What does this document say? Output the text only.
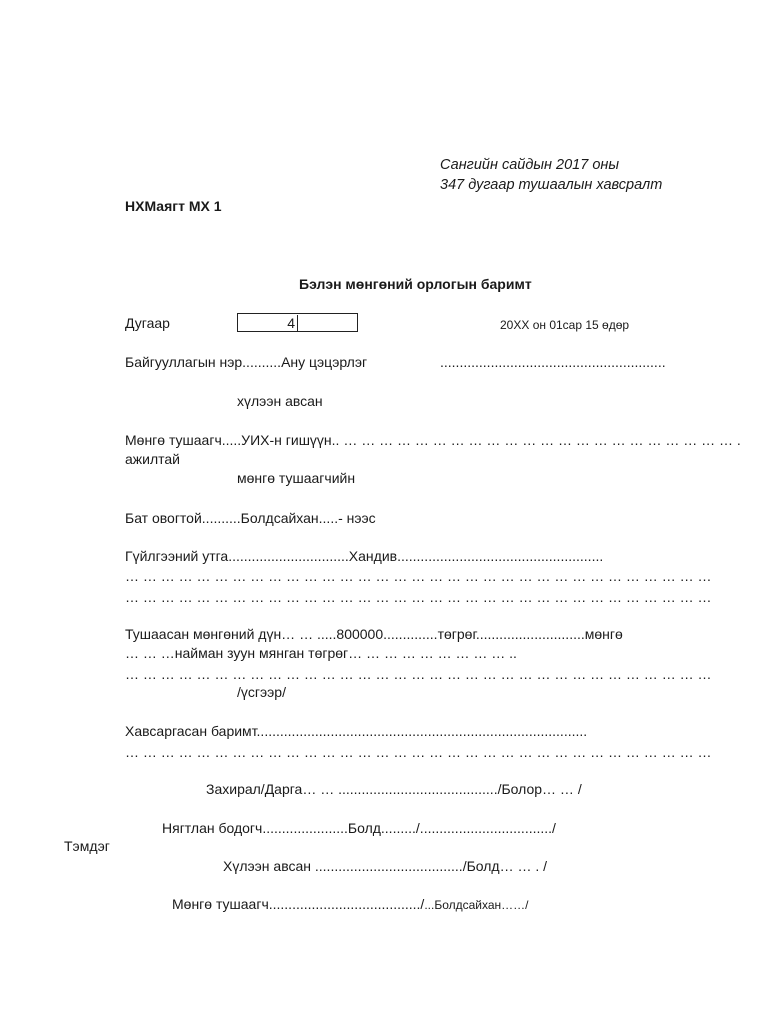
Сангийн сайдын 2017 оны
347 дугаар тушаалын хавсралт
НХМаягт МХ 1
Бэлэн мөнгөний орлогын баримт
Дугаар	4	20XX он 01сар 15 өдөр
Байгууллагын нэр..........Ану цэцэрлэг	..........................................................
хүлээн авсан
Мөнгө тушаагч.....УИХ-н гишүүн.. … … … … … … … … … … … … … … … … … … … … … … .
ажилтай
мөнгө тушаагчийн
Бат овогтой..........Болдсайхан.....- нээс
Гүйлгээний утга...............................Хандив.....................................................
… … … … … … … … … … … … … … … … … … … … … … … … … … … … … … … … …
… … … … … … … … … … … … … … … … … … … … … … … … … … … … … … … … …
Тушаасан мөнгөний дүн… … .....800000..............төгрөг............................мөнгө
… … …найман зуун мянган төгрөг… … … … … … … … … ..
… … … … … … … … … … … … … … … … … … … … … … … … … … … … … … … … …
/үсгээр/
Хавсаргасан баримт.....................................................................................
… … … … … … … … … … … … … … … … … … … … … … … … … … … … … … … … …
Захирал/Дарга… … ........................................./Болор… … /
Нягтлан бодогч......................Болд........./................................../
Тэмдэг
Хүлээн авсан ....................................../Болд… … . /
Мөнгө тушаагч......................................./...Болдсайхан……/
